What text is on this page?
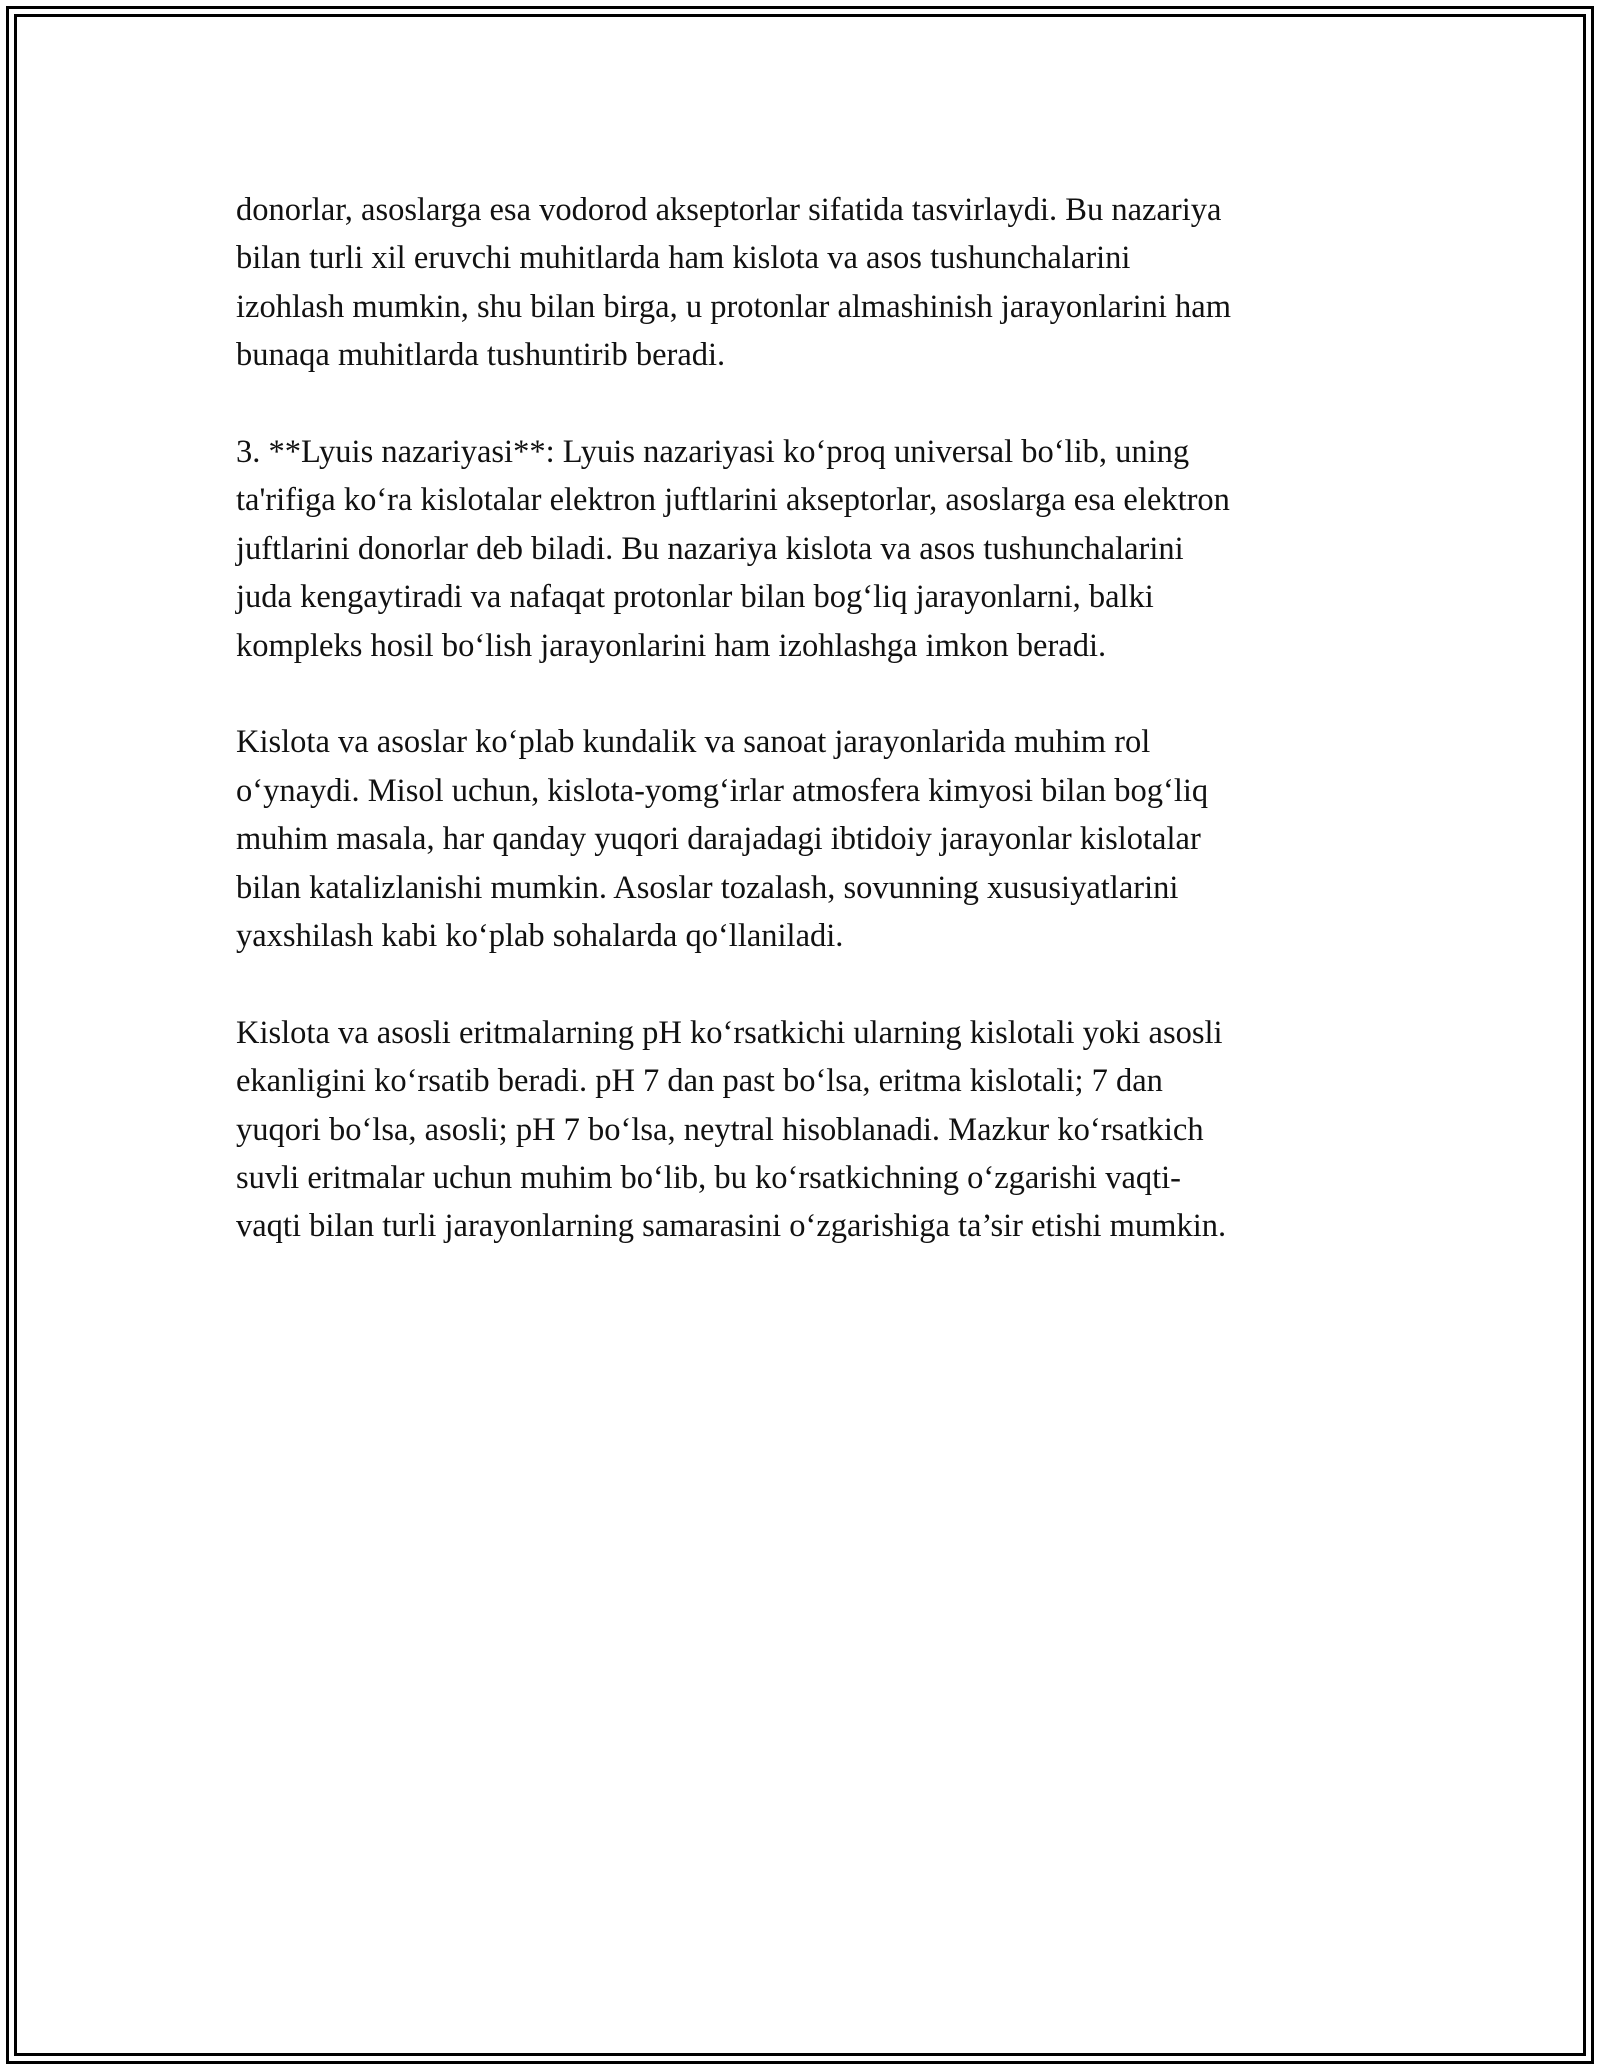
donorlar, asoslarga esa vodorod akseptorlar sifatida tasvirlaydi. Bu nazariya
bilan turli xil eruvchi muhitlarda ham kislota va asos tushunchalarini
izohlash mumkin, shu bilan birga, u protonlar almashinish jarayonlarini ham
bunaqa muhitlarda tushuntirib beradi.

3. **Lyuis nazariyasi**: Lyuis nazariyasi ko‘proq universal bo‘lib, uning
ta'rifiga ko‘ra kislotalar elektron juftlarini akseptorlar, asoslarga esa elektron
juftlarini donorlar deb biladi. Bu nazariya kislota va asos tushunchalarini
juda kengaytiradi va nafaqat protonlar bilan bog‘liq jarayonlarni, balki
kompleks hosil bo‘lish jarayonlarini ham izohlashga imkon beradi.

Kislota va asoslar ko‘plab kundalik va sanoat jarayonlarida muhim rol
o‘ynaydi. Misol uchun, kislota-yomg‘irlar atmosfera kimyosi bilan bog‘liq
muhim masala, har qanday yuqori darajadagi ibtidoiy jarayonlar kislotalar
bilan katalizlanishi mumkin. Asoslar tozalash, sovunning xususiyatlarini
yaxshilash kabi ko‘plab sohalarda qo‘llaniladi.

Kislota va asosli eritmalarning pH ko‘rsatkichi ularning kislotali yoki asosli
ekanligini ko‘rsatib beradi. pH 7 dan past bo‘lsa, eritma kislotali; 7 dan
yuqori bo‘lsa, asosli; pH 7 bo‘lsa, neytral hisoblanadi. Mazkur ko‘rsatkich
suvli eritmalar uchun muhim bo‘lib, bu ko‘rsatkichning o‘zgarishi vaqti-
vaqti bilan turli jarayonlarning samarasini o‘zgarishiga ta’sir etishi mumkin.
